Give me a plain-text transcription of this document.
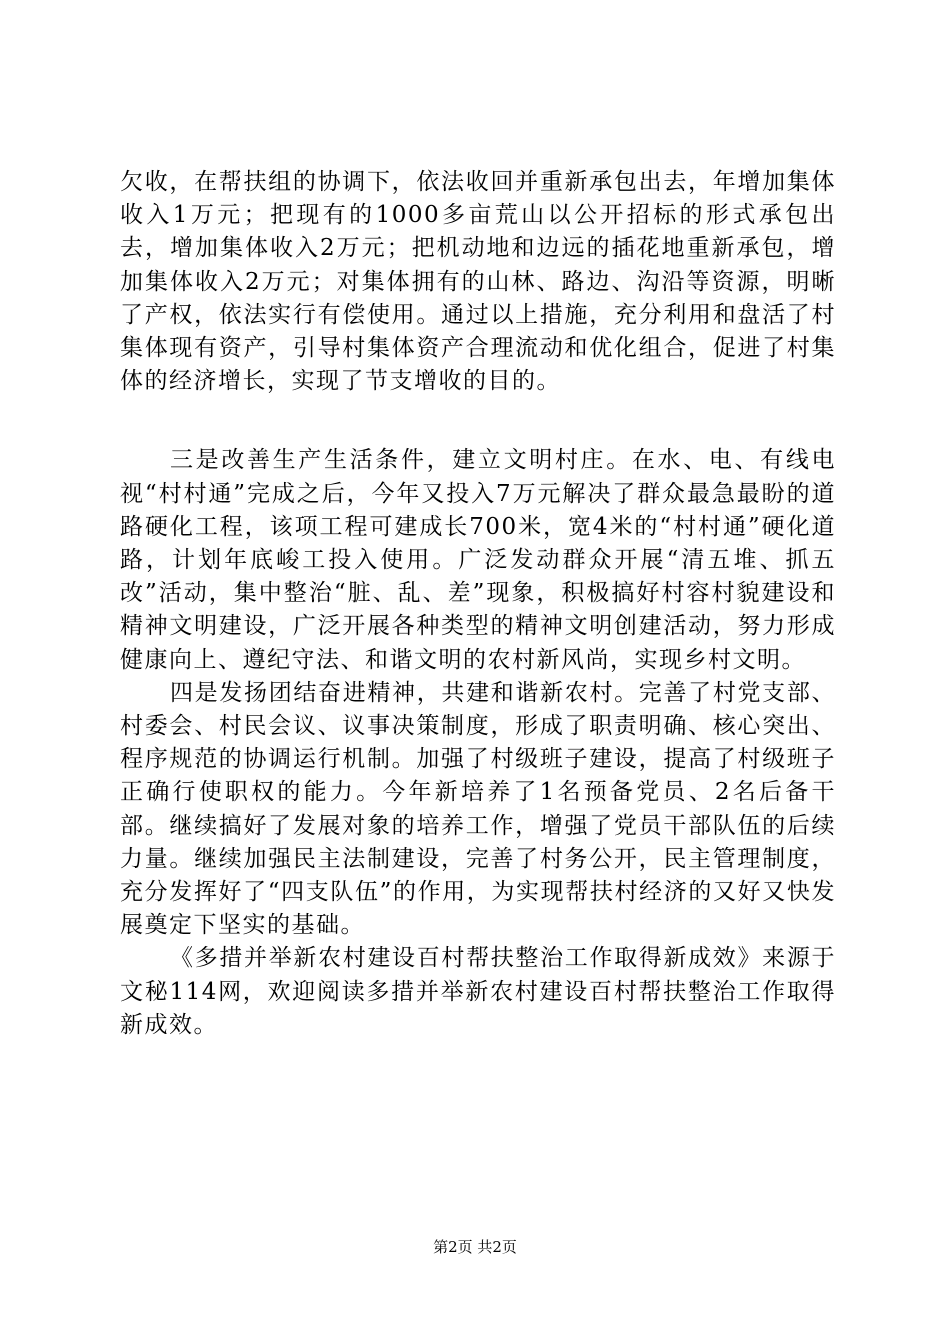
欠收，在帮扶组的协调下，依法收回并重新承包出去，年增加集体收入1万元；把现有的1000多亩荒山以公开招标的形式承包出去，增加集体收入2万元；把机动地和边远的插花地重新承包，增加集体收入2万元；对集体拥有的山林、路边、沟沿等资源，明晰了产权，依法实行有偿使用。通过以上措施，充分利用和盘活了村集体现有资产，引导村集体资产合理流动和优化组合，促进了村集体的经济增长，实现了节支增收的目的。

三是改善生产生活条件，建立文明村庄。在水、电、有线电视“村村通”完成之后，今年又投入7万元解决了群众最急最盼的道路硬化工程，该项工程可建成长700米，宽4米的“村村通”硬化道路，计划年底峻工投入使用。广泛发动群众开展“清五堆、抓五改”活动，集中整治“脏、乱、差”现象，积极搞好村容村貌建设和精神文明建设，广泛开展各种类型的精神文明创建活动，努力形成健康向上、遵纪守法、和谐文明的农村新风尚，实现乡村文明。

四是发扬团结奋进精神，共建和谐新农村。完善了村党支部、村委会、村民会议、议事决策制度，形成了职责明确、核心突出、程序规范的协调运行机制。加强了村级班子建设，提高了村级班子正确行使职权的能力。今年新培养了1名预备党员、2名后备干部。继续搞好了发展对象的培养工作，增强了党员干部队伍的后续力量。继续加强民主法制建设，完善了村务公开，民主管理制度，充分发挥好了“四支队伍”的作用，为实现帮扶村经济的又好又快发展奠定下坚实的基础。

《多措并举新农村建设百村帮扶整治工作取得新成效》来源于文秘114网，欢迎阅读多措并举新农村建设百村帮扶整治工作取得新成效。

第2页 共2页
